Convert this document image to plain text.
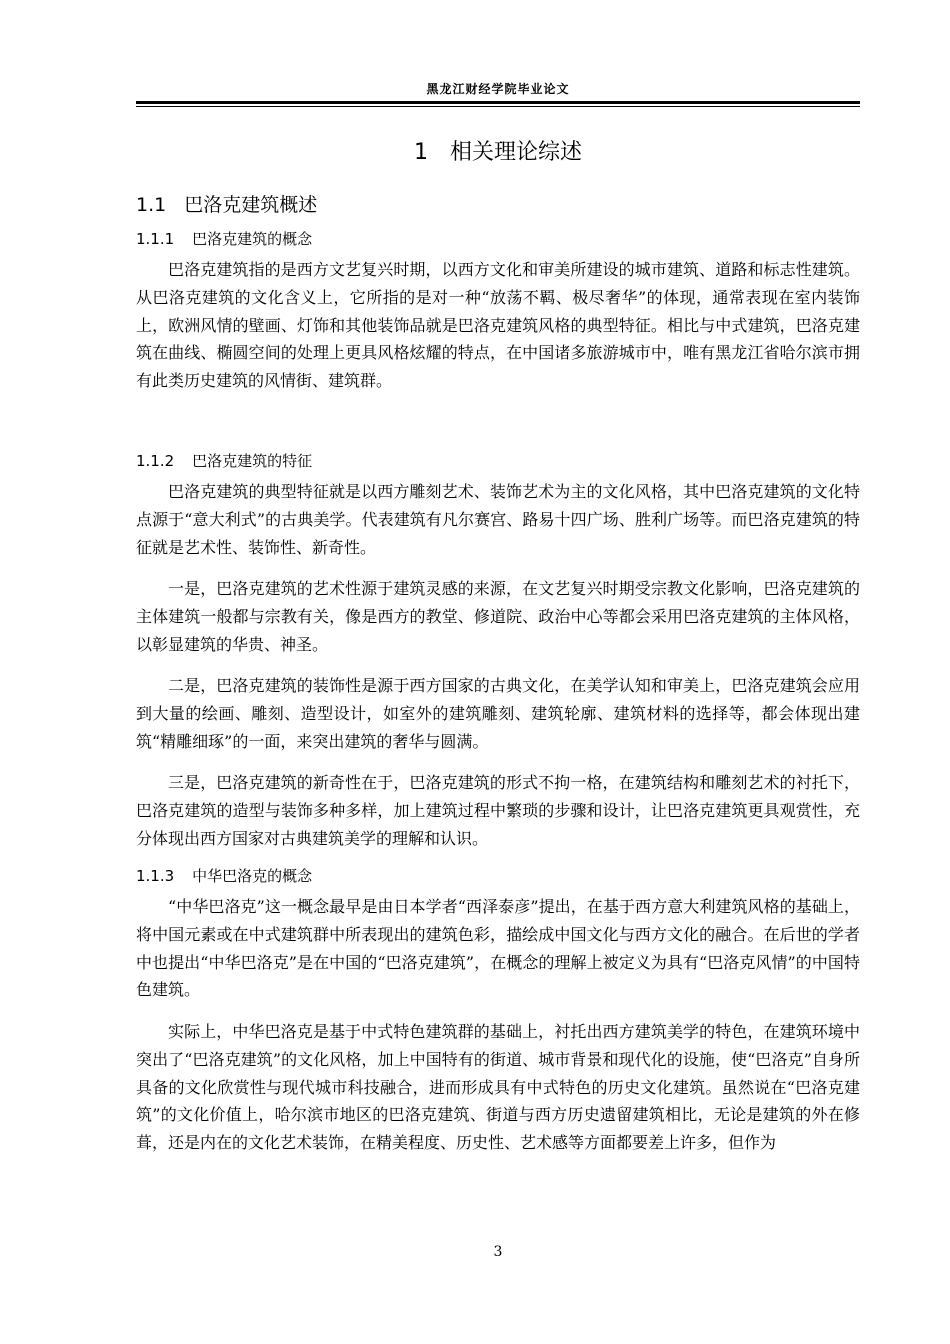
黑龙江财经学院毕业论文
1 相关理论综述
1.1 巴洛克建筑概述
1.1.1 巴洛克建筑的概念

巴洛克建筑指的是西方文艺复兴时期，以西方文化和审美所建设的城市建筑、道路和标志性建筑。从巴洛克建筑的文化含义上，它所指的是对一种“放荡不羁、极尽奢华”的体现，通常表现在室内装饰上，欧洲风情的壁画、灯饰和其他装饰品就是巴洛克建筑风格的典型特征。相比与中式建筑，巴洛克建筑在曲线、椭圆空间的处理上更具风格炫耀的特点，在中国诸多旅游城市中，唯有黑龙江省哈尔滨市拥有此类历史建筑的风情街、建筑群。

1.1.2 巴洛克建筑的特征

巴洛克建筑的典型特征就是以西方雕刻艺术、装饰艺术为主的文化风格，其中巴洛克建筑的文化特点源于“意大利式”的古典美学。代表建筑有凡尔赛宫、路易十四广场、胜利广场等。而巴洛克建筑的特征就是艺术性、装饰性、新奇性。

一是，巴洛克建筑的艺术性源于建筑灵感的来源，在文艺复兴时期受宗教文化影响，巴洛克建筑的主体建筑一般都与宗教有关，像是西方的教堂、修道院、政治中心等都会采用巴洛克建筑的主体风格，以彰显建筑的华贵、神圣。

二是，巴洛克建筑的装饰性是源于西方国家的古典文化，在美学认知和审美上，巴洛克建筑会应用到大量的绘画、雕刻、造型设计，如室外的建筑雕刻、建筑轮廓、建筑材料的选择等，都会体现出建筑“精雕细琢”的一面，来突出建筑的奢华与圆满。

三是，巴洛克建筑的新奇性在于，巴洛克建筑的形式不拘一格，在建筑结构和雕刻艺术的衬托下，巴洛克建筑的造型与装饰多种多样，加上建筑过程中繁琐的步骤和设计，让巴洛克建筑更具观赏性，充分体现出西方国家对古典建筑美学的理解和认识。

1.1.3 中华巴洛克的概念

“中华巴洛克”这一概念最早是由日本学者“西泽泰彦”提出，在基于西方意大利建筑风格的基础上，将中国元素或在中式建筑群中所表现出的建筑色彩，描绘成中国文化与西方文化的融合。在后世的学者中也提出“中华巴洛克”是在中国的“巴洛克建筑”，在概念的理解上被定义为具有“巴洛克风情”的中国特色建筑。

实际上，中华巴洛克是基于中式特色建筑群的基础上，衬托出西方建筑美学的特色，在建筑环境中突出了“巴洛克建筑”的文化风格，加上中国特有的街道、城市背景和现代化的设施，使“巴洛克”自身所具备的文化欣赏性与现代城市科技融合，进而形成具有中式特色的历史文化建筑。虽然说在“巴洛克建筑”的文化价值上，哈尔滨市地区的巴洛克建筑、街道与西方历史遗留建筑相比，无论是建筑的外在修葺，还是内在的文化艺术装饰，在精美程度、历史性、艺术感等方面都要差上许多，但作为

3
